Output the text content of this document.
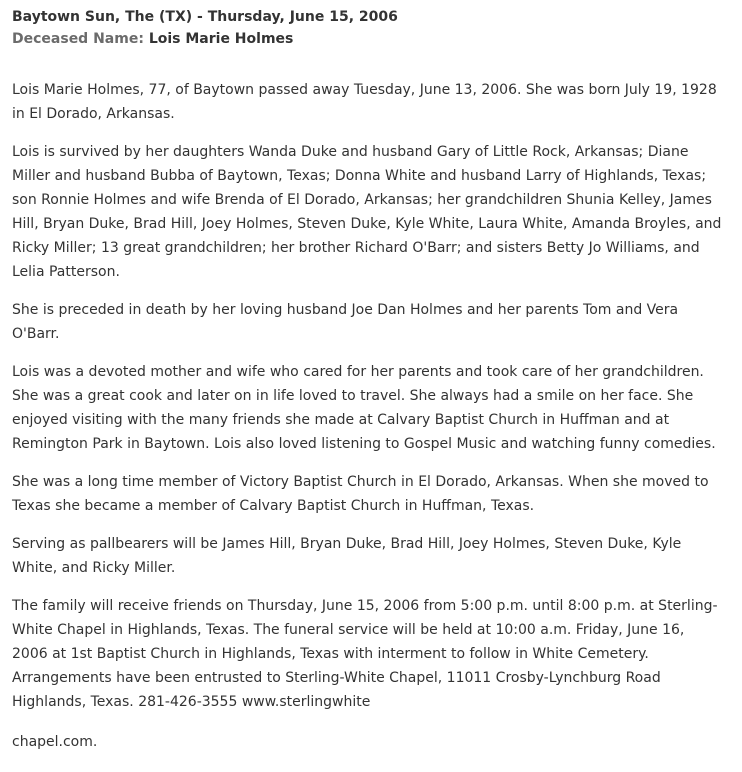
Baytown Sun, The (TX) - Thursday, June 15, 2006
Deceased Name: Lois Marie Holmes

Lois Marie Holmes, 77, of Baytown passed away Tuesday, June 13, 2006. She was born July 19, 1928 in El Dorado, Arkansas.

Lois is survived by her daughters Wanda Duke and husband Gary of Little Rock, Arkansas; Diane Miller and husband Bubba of Baytown, Texas; Donna White and husband Larry of Highlands, Texas; son Ronnie Holmes and wife Brenda of El Dorado, Arkansas; her grandchildren Shunia Kelley, James Hill, Bryan Duke, Brad Hill, Joey Holmes, Steven Duke, Kyle White, Laura White, Amanda Broyles, and Ricky Miller; 13 great grandchildren; her brother Richard O'Barr; and sisters Betty Jo Williams, and Lelia Patterson.

She is preceded in death by her loving husband Joe Dan Holmes and her parents Tom and Vera O'Barr.

Lois was a devoted mother and wife who cared for her parents and took care of her grandchildren. She was a great cook and later on in life loved to travel. She always had a smile on her face. She enjoyed visiting with the many friends she made at Calvary Baptist Church in Huffman and at Remington Park in Baytown. Lois also loved listening to Gospel Music and watching funny comedies.

She was a long time member of Victory Baptist Church in El Dorado, Arkansas. When she moved to Texas she became a member of Calvary Baptist Church in Huffman, Texas.

Serving as pallbearers will be James Hill, Bryan Duke, Brad Hill, Joey Holmes, Steven Duke, Kyle White, and Ricky Miller.

The family will receive friends on Thursday, June 15, 2006 from 5:00 p.m. until 8:00 p.m. at Sterling-White Chapel in Highlands, Texas. The funeral service will be held at 10:00 a.m. Friday, June 16, 2006 at 1st Baptist Church in Highlands, Texas with interment to follow in White Cemetery. Arrangements have been entrusted to Sterling-White Chapel, 11011 Crosby-Lynchburg Road Highlands, Texas. 281-426-3555 www.sterlingwhite

chapel.com.
